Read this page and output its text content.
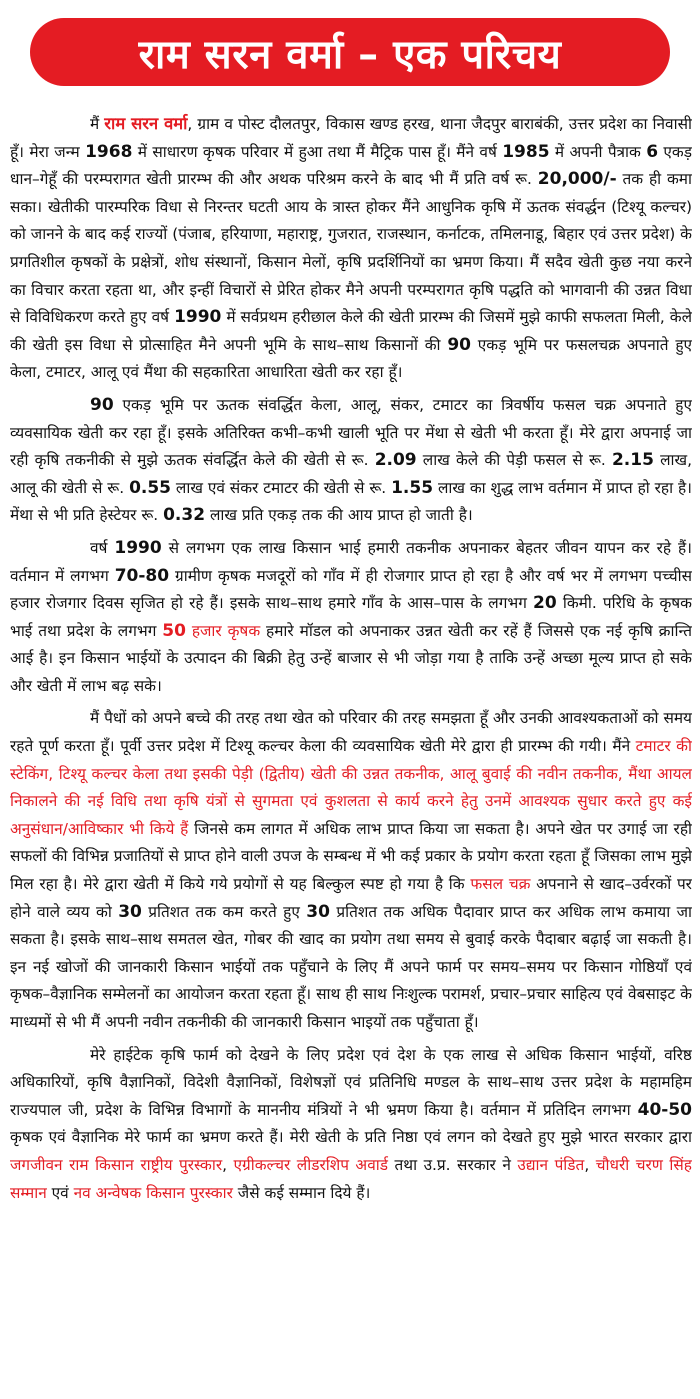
राम सरन वर्मा – एक परिचय

मैं राम सरन वर्मा, ग्राम व पोस्ट दौलतपुर, विकास खण्ड हरख, थाना जैदपुर बाराबंकी, उत्तर प्रदेश का निवासी हूँ। मेरा जन्म 1968 में साधारण कृषक परिवार में हुआ तथा मैं मैट्रिक पास हूँ। मैंने वर्ष 1985 में अपनी पैत्राक 6 एकड़ धान–गेहूँ की परम्परागत खेती प्रारम्भ की और अथक परिश्रम करने के बाद भी मैं प्रति वर्ष रू. 20,000/- तक ही कमा सका। खेतीकी पारम्परिक विधा से निरन्तर घटती आय के त्रास्त होकर मैंने आधुनिक कृषि में ऊतक संवर्द्धन (टिश्यू कल्चर) को जानने के बाद कई राज्यों (पंजाब, हरियाणा, महाराष्ट्र, गुजरात, राजस्थान, कर्नाटक, तमिलनाडू, बिहार एवं उत्तर प्रदेश) के प्रगतिशील कृषकों के प्रक्षेत्रों, शोध संस्थानों, किसान मेलों, कृषि प्रदर्शिनियों का भ्रमण किया। मैं सदैव खेती कुछ नया करने का विचार करता रहता था, और इन्हीं विचारों से प्रेरित होकर मैने अपनी परम्परागत कृषि पद्धति को भागवानी की उन्नत विधा से विविधिकरण करते हुए वर्ष 1990 में सर्वप्रथम हरीछाल केले की खेती प्रारम्भ की जिसमें मुझे काफी सफलता मिली, केले की खेती इस विधा से प्रोत्साहित मैने अपनी भूमि के साथ–साथ किसानों की 90 एकड़ भूमि पर फसलचक्र अपनाते हुए केला, टमाटर, आलू एवं मैंथा की सहकारिता आधारिता खेती कर रहा हूँ।

90 एकड़ भूमि पर ऊतक संवर्द्धित केला, आलू, संकर, टमाटर का त्रिवर्षीय फसल चक्र अपनाते हुए व्यवसायिक खेती कर रहा हूँ। इसके अतिरिक्त कभी–कभी खाली भूति पर मेंथा से खेती भी करता हूँ। मेरे द्वारा अपनाई जा रही कृषि तकनीकी से मुझे ऊतक संवर्द्धित केले की खेती से रू. 2.09 लाख केले की पेड़ी फसल से रू. 2.15 लाख, आलू की खेती से रू. 0.55 लाख एवं संकर टमाटर की खेती से रू. 1.55 लाख का शुद्ध लाभ वर्तमान में प्राप्त हो रहा है। मेंथा से भी प्रति हेस्टेयर रू. 0.32 लाख प्रति एकड़ तक की आय प्राप्त हो जाती है।

वर्ष 1990 से लगभग एक लाख किसान भाई हमारी तकनीक अपनाकर बेहतर जीवन यापन कर रहे हैं। वर्तमान में लगभग 70-80 ग्रामीण कृषक मजदूरों को गाँव में ही रोजगार प्राप्त हो रहा है और वर्ष भर में लगभग पच्चीस हजार रोजगार दिवस सृजित हो रहे हैं। इसके साथ–साथ हमारे गाँव के आस–पास के लगभग 20 किमी. परिधि के कृषक भाई तथा प्रदेश के लगभग 50 हजार कृषक हमारे मॉडल को अपनाकर उन्नत खेती कर रहें हैं जिससे एक नई कृषि क्रान्ति आई है। इन किसान भाईयों के उत्पादन की बिक्री हेतु उन्हें बाजार से भी जोड़ा गया है ताकि उन्हें अच्छा मूल्य प्राप्त हो सके और खेती में लाभ बढ़ सके।

मैं पैधों को अपने बच्चे की तरह तथा खेत को परिवार की तरह समझता हूँ और उनकी आवश्यकताओं को समय रहते पूर्ण करता हूँ। पूर्वी उत्तर प्रदेश में टिश्यू कल्चर केला की व्यवसायिक खेती मेरे द्वारा ही प्रारम्भ की गयी। मैंने टमाटर की स्टेकिंग, टिश्यू कल्चर केला तथा इसकी पेड़ी (द्वितीय) खेती की उन्नत तकनीक, आलू बुवाई की नवीन तकनीक, मैंथा आयल निकालने की नई विधि तथा कृषि यंत्रों से सुगमता एवं कुशलता से कार्य करने हेतु उनमें आवश्यक सुधार करते हुए कई अनुसंधान/आविष्कार भी किये हैं जिनसे कम लागत में अधिक लाभ प्राप्त किया जा सकता है। अपने खेत पर उगाई जा रही सफलों की विभिन्न प्रजातियों से प्राप्त होने वाली उपज के सम्बन्ध में भी कई प्रकार के प्रयोग करता रहता हूँ जिसका लाभ मुझे मिल रहा है। मेरे द्वारा खेती में किये गये प्रयोगों से यह बिल्कुल स्पष्ट हो गया है कि फसल चक्र अपनाने से खाद–उर्वरकों पर होने वाले व्यय को 30 प्रतिशत तक कम करते हुए 30 प्रतिशत तक अधिक पैदावार प्राप्त कर अधिक लाभ कमाया जा सकता है। इसके साथ–साथ समतल खेत, गोबर की खाद का प्रयोग तथा समय से बुवाई करके पैदाबार बढ़ाई जा सकती है। इन नई खोजों की जानकारी किसान भाईयों तक पहुँचाने के लिए मैं अपने फार्म पर समय–समय पर किसान गोष्ठियाँ एवं कृषक–वैज्ञानिक सम्मेलनों का आयोजन करता रहता हूँ। साथ ही साथ निःशुल्क परामर्श, प्रचार–प्रचार साहित्य एवं वेबसाइट के माध्यमों से भी मैं अपनी नवीन तकनीकी की जानकारी किसान भाइयों तक पहुँचाता हूँ।

मेरे हाईटेक कृषि फार्म को देखने के लिए प्रदेश एवं देश के एक लाख से अधिक किसान भाईयों, वरिष्ठ अधिकारियों, कृषि वैज्ञानिकों, विदेशी वैज्ञानिकों, विशेषज्ञों एवं प्रतिनिधि मण्डल के साथ–साथ उत्तर प्रदेश के महामहिम राज्यपाल जी, प्रदेश के विभिन्न विभागों के माननीय मंत्रियों ने भी भ्रमण किया है। वर्तमान में प्रतिदिन लगभग 40-50 कृषक एवं वैज्ञानिक मेरे फार्म का भ्रमण करते हैं। मेरी खेती के प्रति निष्ठा एवं लगन को देखते हुए मुझे भारत सरकार द्वारा जगजीवन राम किसान राष्ट्रीय पुरस्कार, एग्रीकल्चर लीडरशिप अवार्ड तथा उ.प्र. सरकार ने उद्यान पंडित, चौधरी चरण सिंह सम्मान एवं नव अन्वेषक किसान पुरस्कार जैसे कई सम्मान दिये हैं।
